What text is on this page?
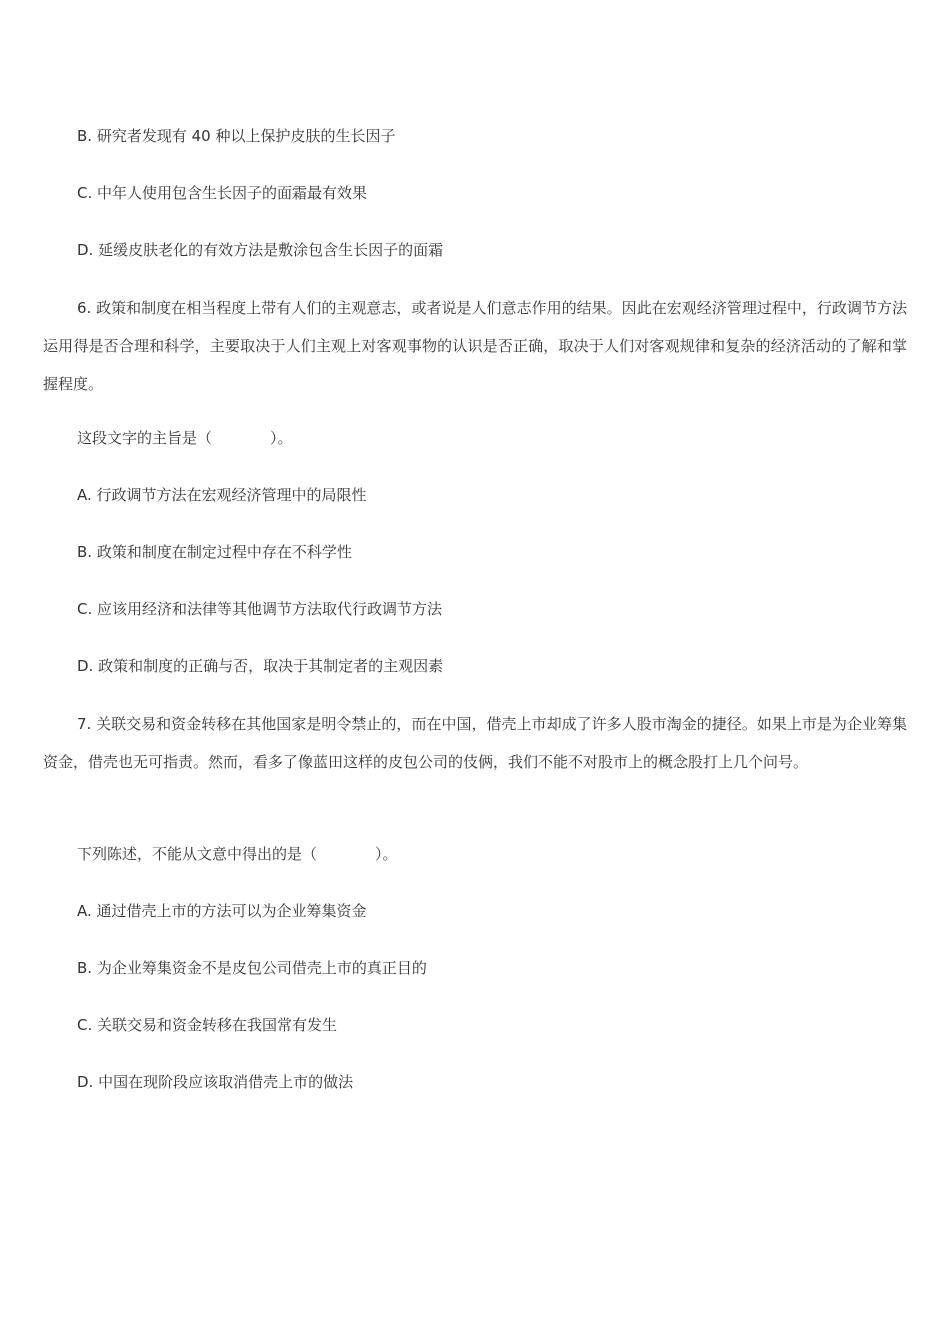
B. 研究者发现有 40 种以上保护皮肤的生长因子
C. 中年人使用包含生长因子的面霜最有效果
D. 延缓皮肤老化的有效方法是敷涂包含生长因子的面霜

6. 政策和制度在相当程度上带有人们的主观意志，或者说是人们意志作用的结果。因此在宏观经济管理过程中，行政调节方法运用得是否合理和科学，主要取决于人们主观上对客观事物的认识是否正确，取决于人们对客观规律和复杂的经济活动的了解和掌握程度。

这段文字的主旨是（	）。
A. 行政调节方法在宏观经济管理中的局限性
B. 政策和制度在制定过程中存在不科学性
C. 应该用经济和法律等其他调节方法取代行政调节方法
D. 政策和制度的正确与否，取决于其制定者的主观因素

7. 关联交易和资金转移在其他国家是明令禁止的，而在中国，借壳上市却成了许多人股市淘金的捷径。如果上市是为企业筹集资金，借壳也无可指责。然而，看多了像蓝田这样的皮包公司的伎俩，我们不能不对股市上的概念股打上几个问号。

下列陈述，不能从文意中得出的是（	）。
A. 通过借壳上市的方法可以为企业筹集资金
B. 为企业筹集资金不是皮包公司借壳上市的真正目的
C. 关联交易和资金转移在我国常有发生
D. 中国在现阶段应该取消借壳上市的做法
